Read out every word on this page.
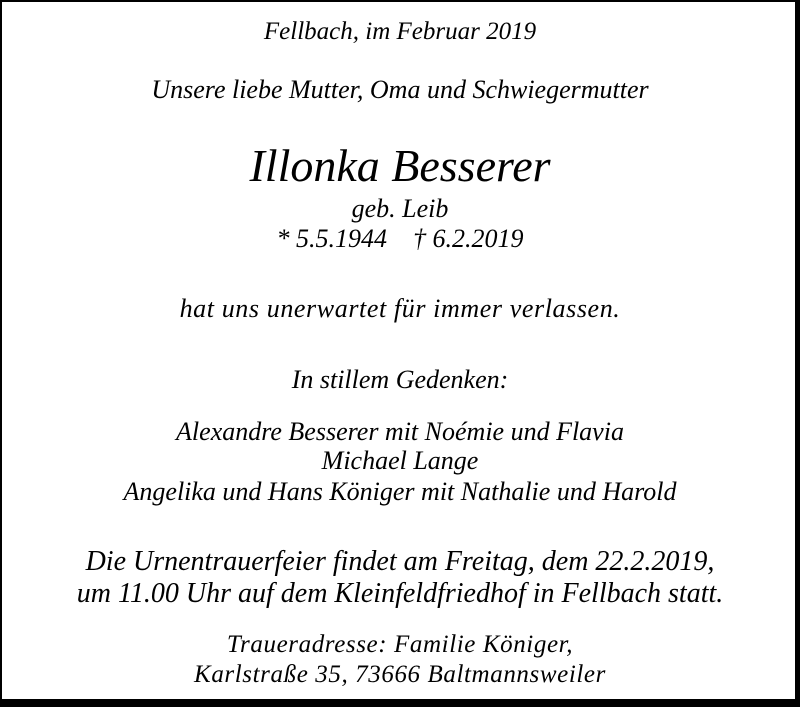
Fellbach, im Februar 2019
Unsere liebe Mutter, Oma und Schwiegermutter
Illonka Besserer
geb. Leib
* 5.5.1944 † 6.2.2019
hat uns unerwartet für immer verlassen.
In stillem Gedenken:
Alexandre Besserer mit Noémie und Flavia
Michael Lange
Angelika und Hans Königer mit Nathalie und Harold
Die Urnentrauerfeier findet am Freitag, dem 22.2.2019,
um 11.00 Uhr auf dem Kleinfeldfriedhof in Fellbach statt.
Traueradresse: Familie Königer,
Karlstraße 35, 73666 Baltmannsweiler
